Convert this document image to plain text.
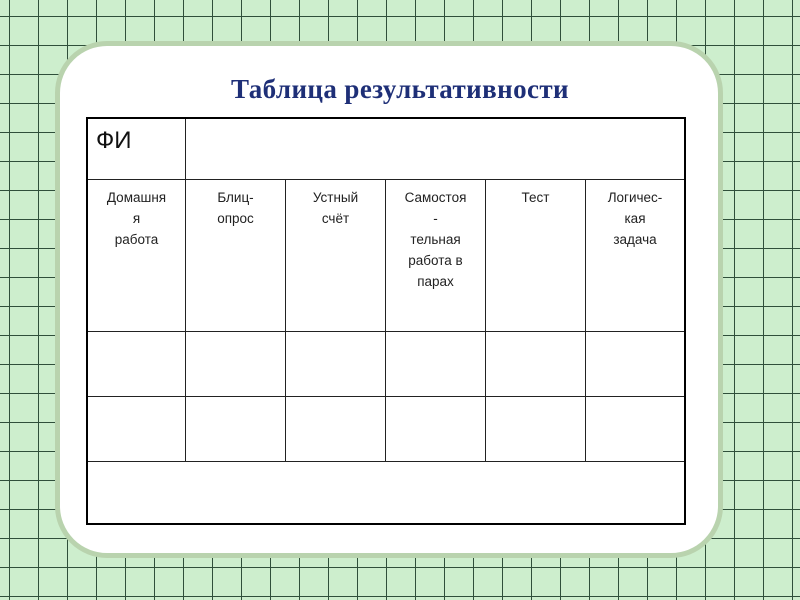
Таблица результативности
ФИ
Домашня
я
работа
Блиц-
опрос
Устный
счёт
Самостоя
-
тельная
работа в
парах
Тест	Логичес-
кая
задача
